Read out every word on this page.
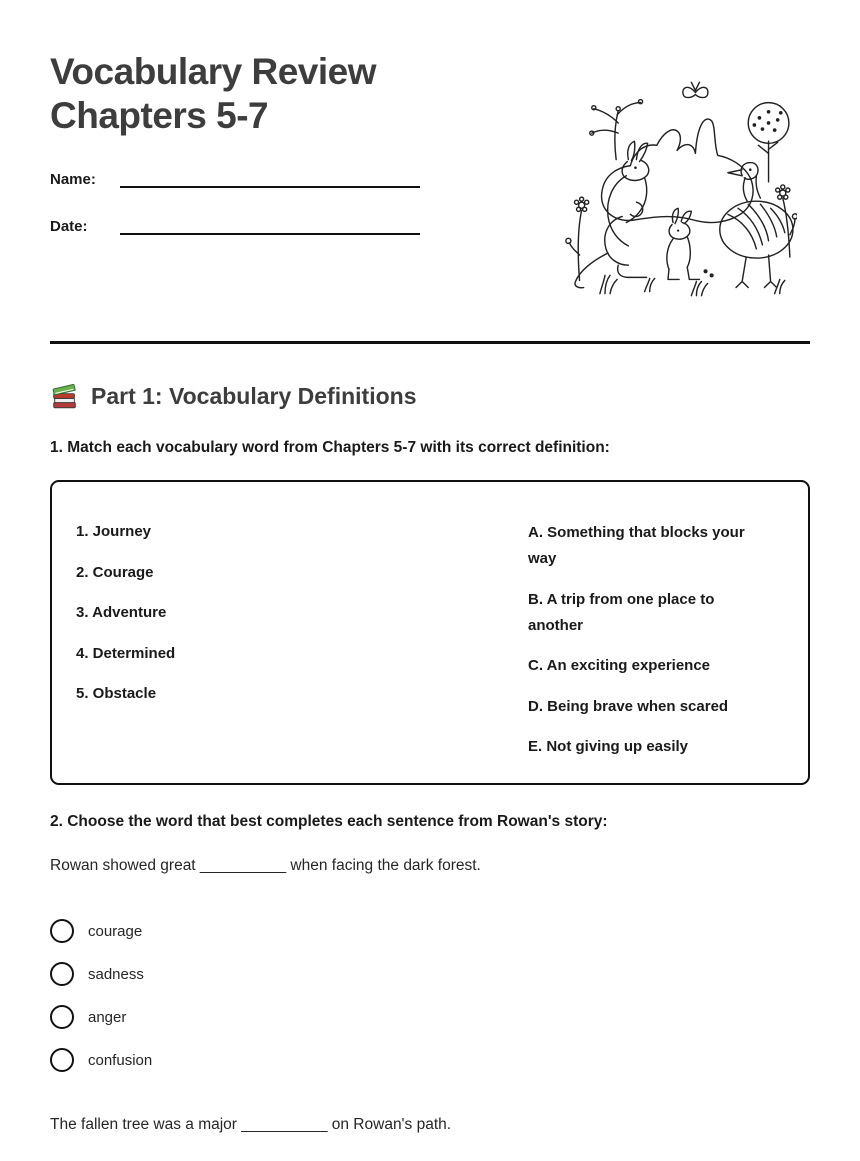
Vocabulary Review
Chapters 5-7
Name:
Date:
Part 1: Vocabulary Definitions
1. Match each vocabulary word from Chapters 5-7 with its correct definition:
1. Journey
2. Courage
3. Adventure
4. Determined
5. Obstacle
A. Something that blocks your way
B. A trip from one place to another
C. An exciting experience
D. Being brave when scared
E. Not giving up easily
2. Choose the word that best completes each sentence from Rowan's story:
Rowan showed great __________ when facing the dark forest.
courage
sadness
anger
confusion
The fallen tree was a major __________ on Rowan's path.
